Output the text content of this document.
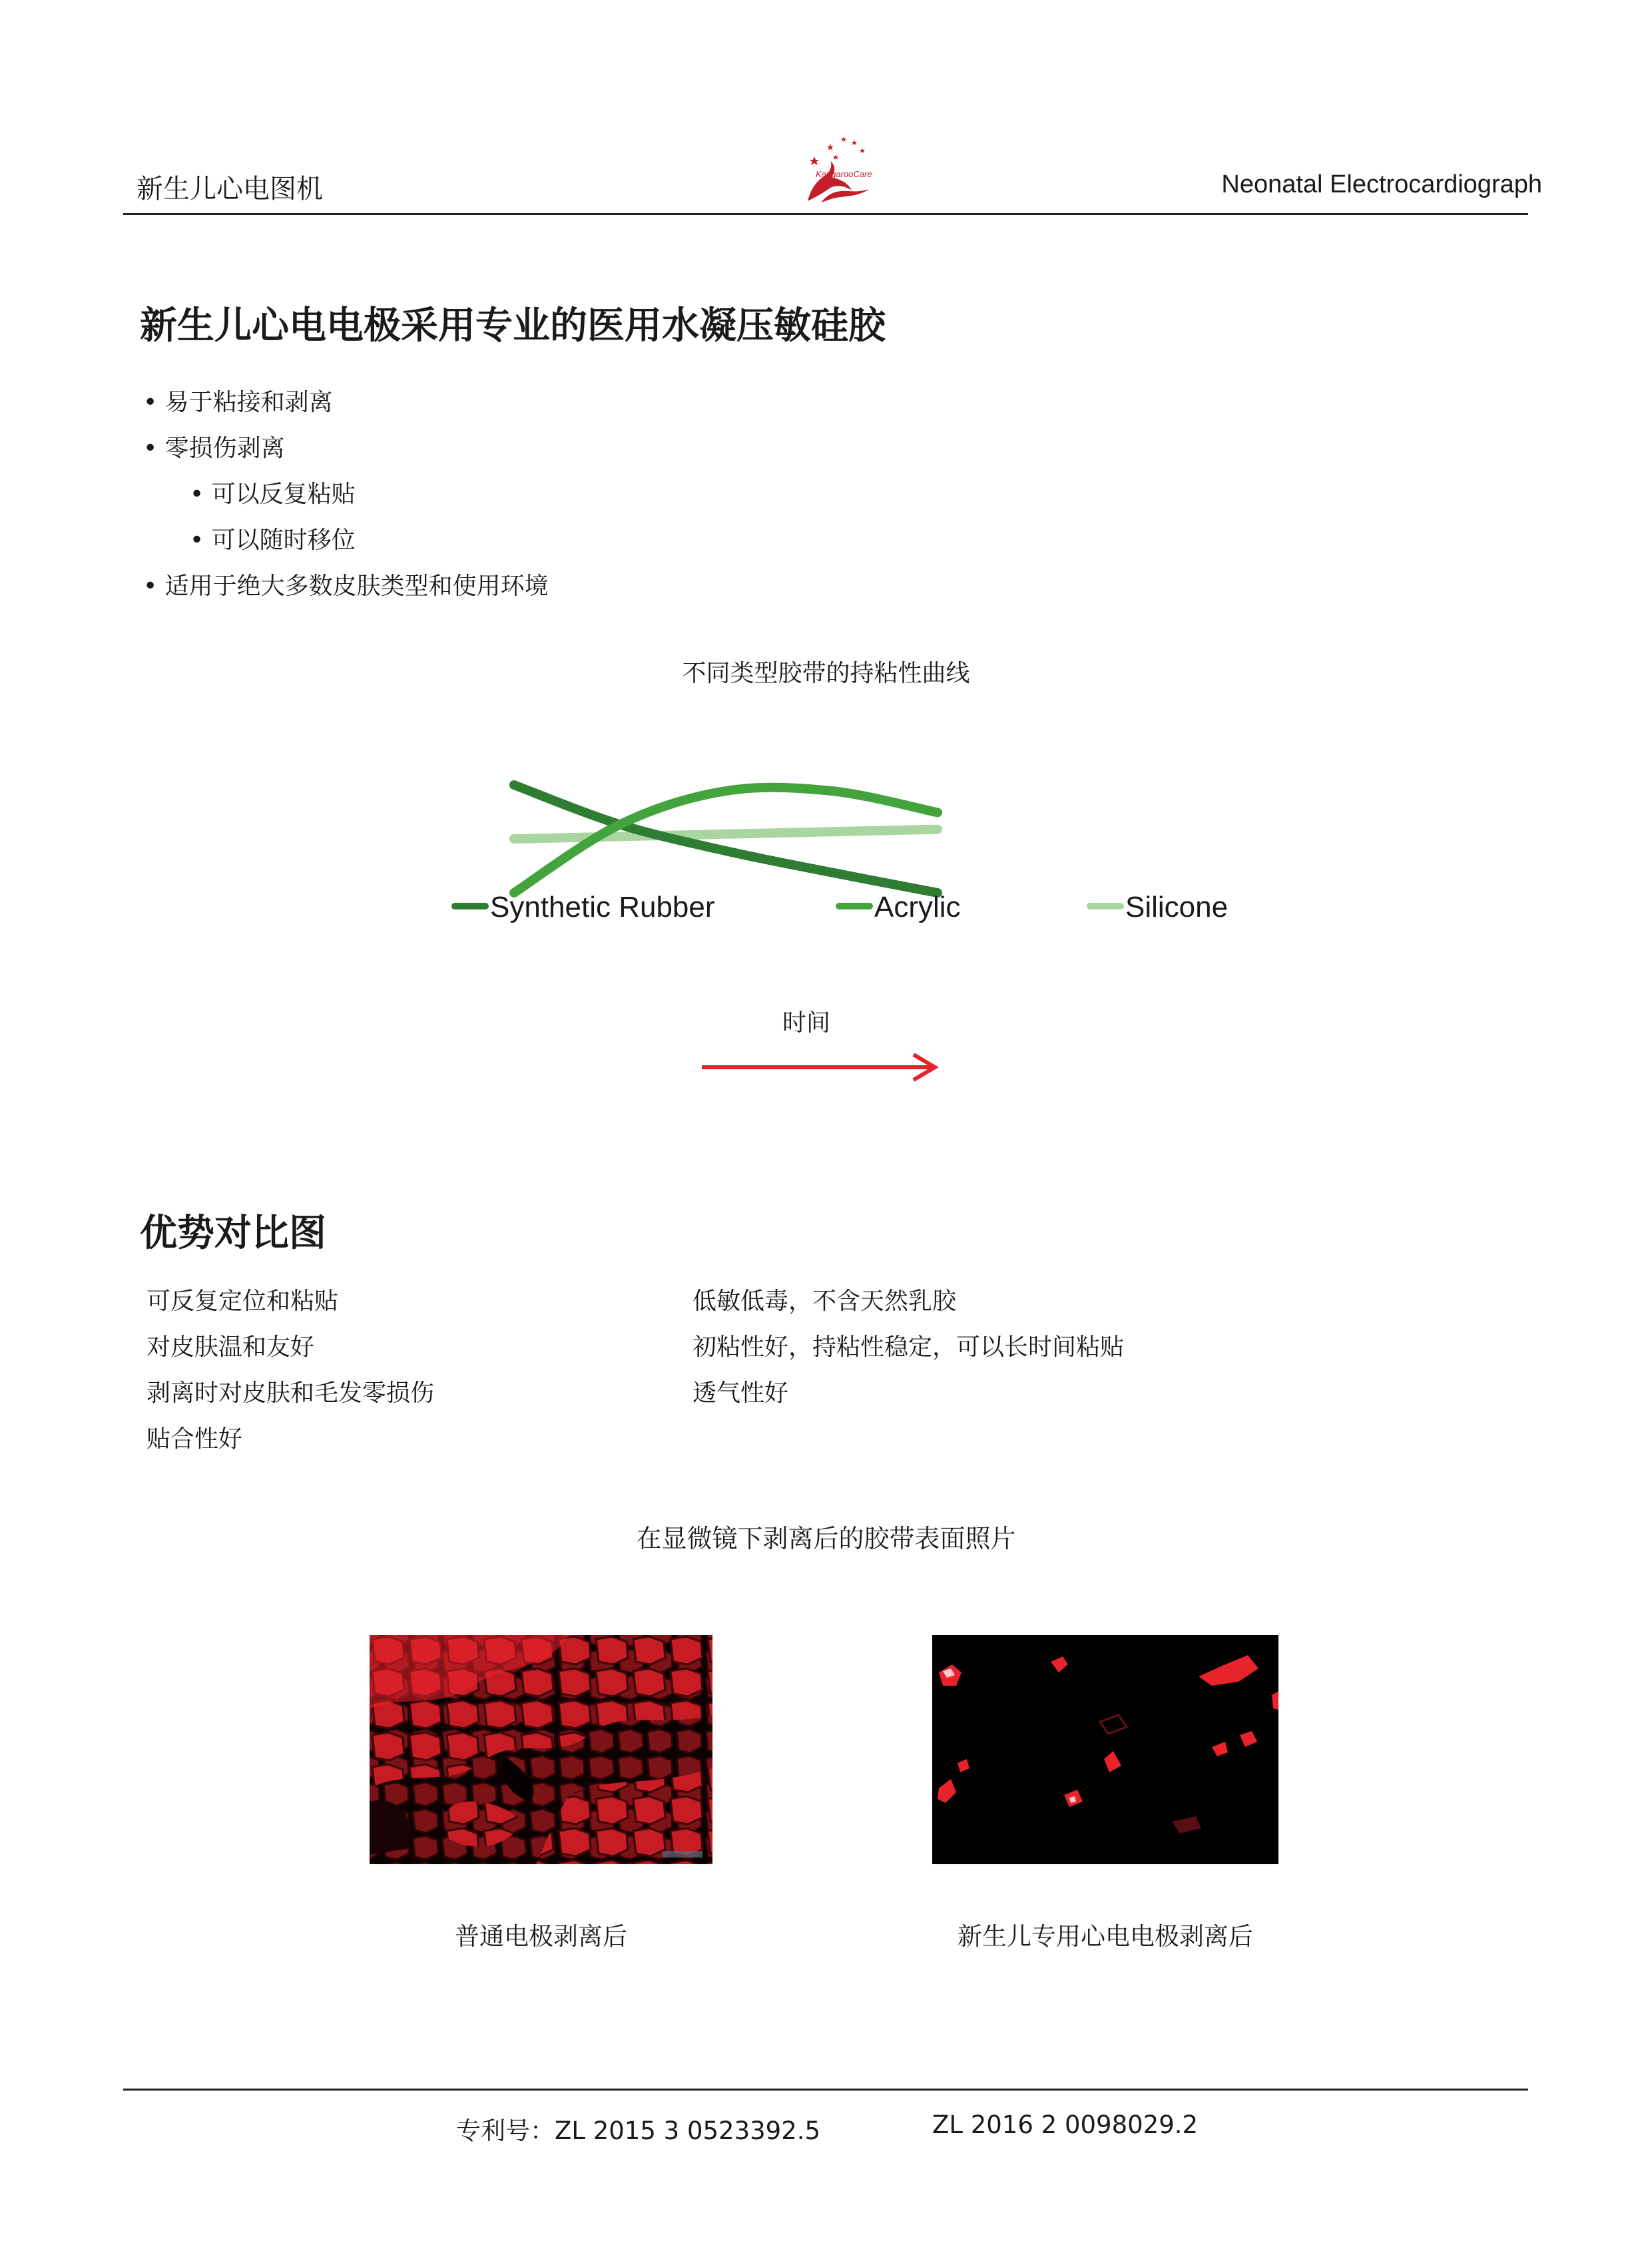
新生儿心电图机	KangarooCare	Neonatal Electrocardiograph
新生儿心电电极采用专业的医用水凝压敏硅胶
• 易于粘接和剥离
• 零损伤剥离
• 可以反复粘贴
• 可以随时移位
• 适用于绝大多数皮肤类型和使用环境
不同类型胶带的持粘性曲线
Synthetic Rubber	Acrylic	Silicone
时间
优势对比图
可反复定位和粘贴
对皮肤温和友好
剥离时对皮肤和毛发零损伤
贴合性好
低敏低毒，不含天然乳胶
初粘性好，持粘性稳定，可以长时间粘贴
透气性好
在显微镜下剥离后的胶带表面照片
普通电极剥离后	新生儿专用心电电极剥离后
专利号：ZL 2015 3 0523392.5	ZL 2016 2 0098029.2
